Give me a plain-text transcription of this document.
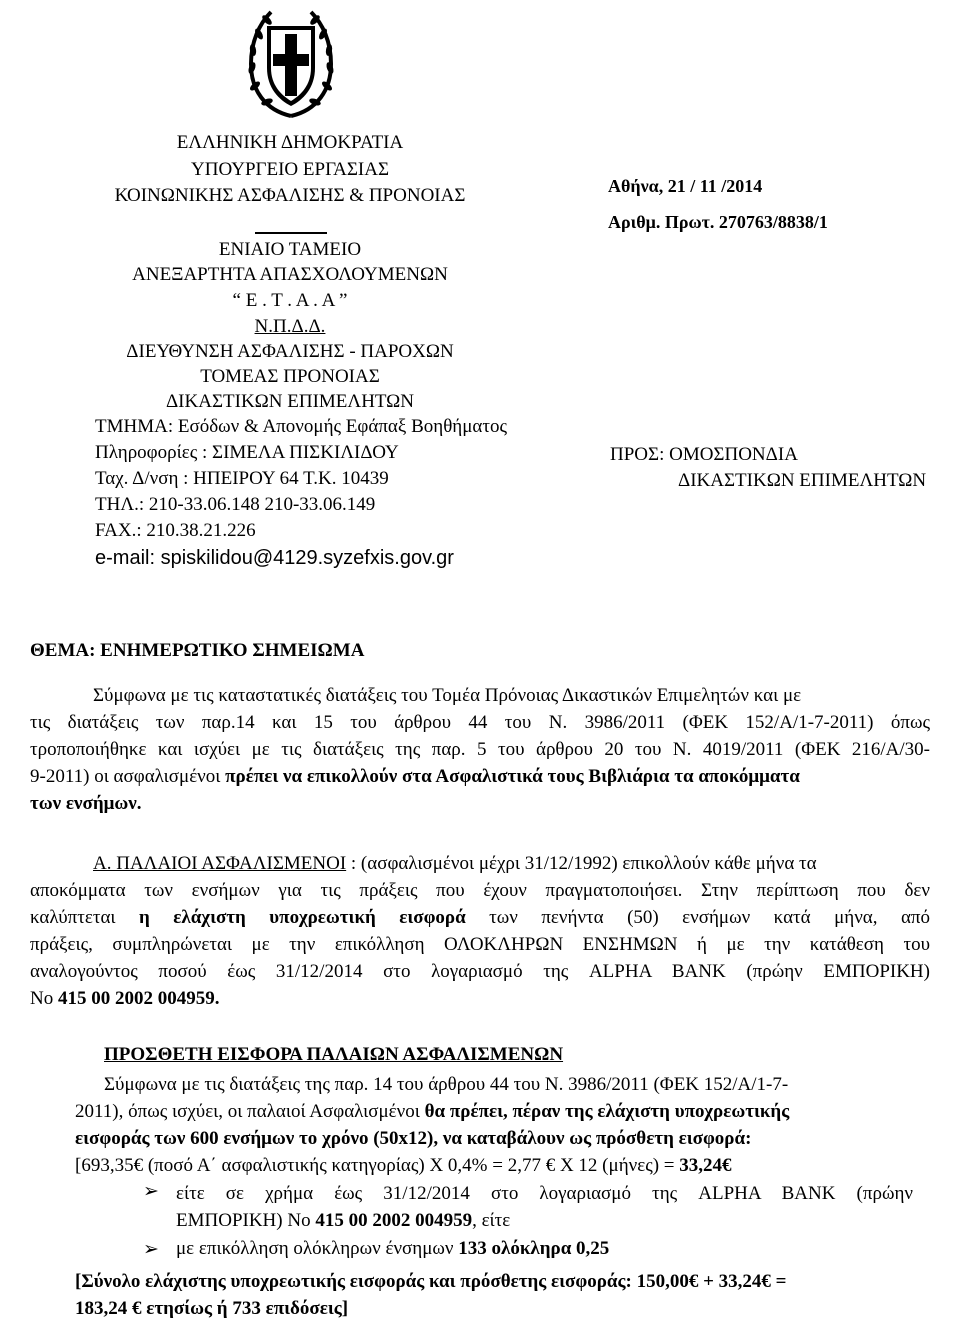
ΕΛΛΗΝΙΚΗ ΔΗΜΟΚΡΑΤΙΑ
ΥΠΟΥΡΓΕΙΟ ΕΡΓΑΣΙΑΣ
ΚΟΙΝΩΝΙΚΗΣ ΑΣΦΑΛΙΣΗΣ & ΠΡΟΝΟΙΑΣ
ΕΝΙΑΙΟ ΤΑΜΕΙΟ
ΑΝΕΞΑΡΤΗΤΑ ΑΠΑΣΧΟΛΟΥΜΕΝΩΝ
“ Ε . Τ . Α . Α ”
Ν.Π.Δ.Δ.
ΔΙΕΥΘΥΝΣΗ ΑΣΦΑΛΙΣΗΣ - ΠΑΡΟΧΩΝ
ΤΟΜΕΑΣ ΠΡΟΝΟΙΑΣ
ΔΙΚΑΣΤΙΚΩΝ ΕΠΙΜΕΛΗΤΩΝ
ΤΜΗΜΑ: Εσόδων & Απονομής Εφάπαξ Βοηθήματος
Πληροφορίες : ΣΙΜΕΛΑ ΠΙΣΚΙΛΙΔΟΥ
Ταχ. Δ/νση : ΗΠΕΙΡΟΥ 64 Τ.Κ. 10439
ΤΗΛ.: 210-33.06.148 210-33.06.149
FAX.: 210.38.21.226
e-mail: spiskilidou@4129.syzefxis.gov.gr
Αθήνα, 21 / 11 /2014
Αριθμ. Πρωτ. 270763/8838/1
ΠΡΟΣ: ΟΜΟΣΠΟΝΔΙΑ
ΔΙΚΑΣΤΙΚΩΝ ΕΠΙΜΕΛΗΤΩΝ
ΘΕΜΑ: ΕΝΗΜΕΡΩΤΙΚΟ ΣΗΜΕΙΩΜΑ
Σύμφωνα με τις καταστατικές διατάξεις του Τομέα Πρόνοιας Δικαστικών Επιμελητών και με
τις διατάξεις των παρ.14 και 15 του άρθρου 44 του Ν. 3986/2011 (ΦΕΚ 152/Α/1-7-2011) όπως
τροποποιήθηκε και ισχύει με τις διατάξεις της παρ. 5 του άρθρου 20 του Ν. 4019/2011 (ΦΕΚ 216/Α/30-
9-2011) οι ασφαλισμένοι πρέπει να επικολλούν στα Ασφαλιστικά τους Βιβλιάρια τα αποκόμματα
των ενσήμων.
Α. ΠΑΛΑΙΟΙ ΑΣΦΑΛΙΣΜΕΝΟΙ : (ασφαλισμένοι μέχρι 31/12/1992) επικολλούν κάθε μήνα τα
αποκόμματα των ενσήμων για τις πράξεις που έχουν πραγματοποιήσει. Στην περίπτωση που δεν
καλύπτεται η ελάχιστη υποχρεωτική εισφορά των πενήντα (50) ενσήμων κατά μήνα, από
πράξεις, συμπληρώνεται με την επικόλληση ΟΛΟΚΛΗΡΩΝ ΕΝΣΗΜΩΝ ή με την κατάθεση του
αναλογούντος ποσού έως 31/12/2014 στο λογαριασμό της ALPHA BANK (πρώην ΕΜΠΟΡΙΚΗ)
Νο 415 00 2002 004959.
ΠΡΟΣΘΕΤΗ ΕΙΣΦΟΡΑ ΠΑΛΑΙΩΝ ΑΣΦΑΛΙΣΜΕΝΩΝ
Σύμφωνα με τις διατάξεις της παρ. 14 του άρθρου 44 του Ν. 3986/2011 (ΦΕΚ 152/Α/1-7-
2011), όπως ισχύει, οι παλαιοί Ασφαλισμένοι θα πρέπει, πέραν της ελάχιστη υποχρεωτικής
εισφοράς των 600 ενσήμων το χρόνο (50x12), να καταβάλουν ως πρόσθετη εισφορά:
[693,35€ (ποσό Α΄ ασφαλιστικής κατηγορίας) Χ 0,4% = 2,77 € Χ 12 (μήνες) = 33,24€
➢ είτε σε χρήμα έως 31/12/2014 στο λογαριασμό της ALPHA BANK (πρώην
ΕΜΠΟΡΙΚΗ) Νο 415 00 2002 004959, είτε
➢ με επικόλληση ολόκληρων ένσημων 133 ολόκληρα 0,25
[Σύνολο ελάχιστης υποχρεωτικής εισφοράς και πρόσθετης εισφοράς: 150,00€ + 33,24€ =
183,24 € ετησίως ή 733 επιδόσεις]
